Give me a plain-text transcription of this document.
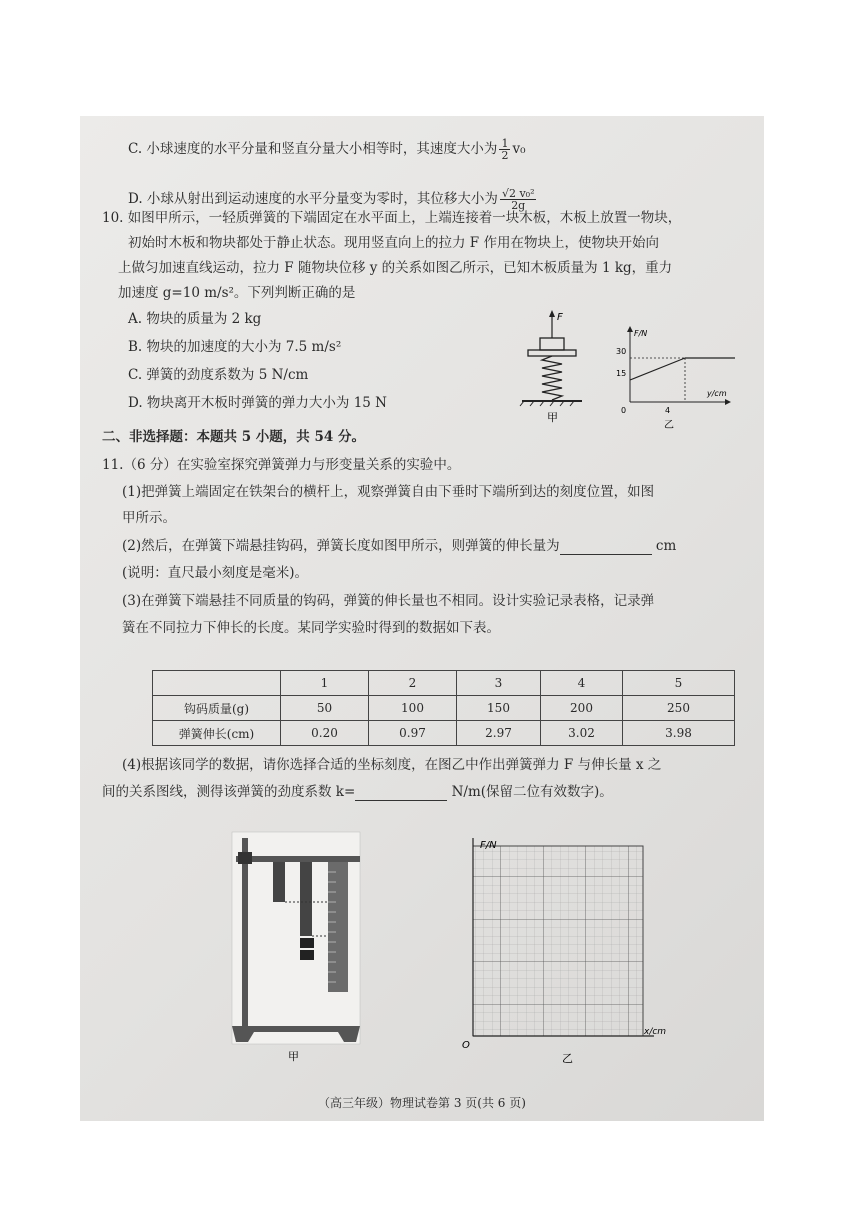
C. 小球速度的水平分量和竖直分量大小相等时，其速度大小为 $\frac{1}{2} v_0$
D. 小球从射出到运动速度的水平分量变为零时，其位移大小为 $\frac{\text{√2 v₀²}}{2g}$
10. 如图甲所示，一轻质弹簧的下端固定在水平面上，上端连接着一块木板，木板上放置一物块，
初始时木板和物块都处于静止状态。现用竖直向上的拉力 F 作用在物块上，使物块开始向
上做匀加速直线运动，拉力 F 随物块位移 y 的关系如图乙所示，已知木板质量为 1 kg，重力
加速度 g=10 m/s²。下列判断正确的是
A. 物块的质量为 2 kg
B. 物块的加速度的大小为 7.5 m/s²
C. 弹簧的劲度系数为 5 N/cm
D. 物块离开木板时弹簧的弹力大小为 15 N
F
甲
F/N
y/cm
30
15
4
0
乙
二、非选择题：本题共 5 小题，共 54 分。
11.（6 分）在实验室探究弹簧弹力与形变量关系的实验中。
(1)把弹簧上端固定在铁架台的横杆上，观察弹簧自由下垂时下端所到达的刻度位置，如图
甲所示。
(2)然后，在弹簧下端悬挂钩码，弹簧长度如图甲所示，则弹簧的伸长量为	cm
(说明：直尺最小刻度是毫米)。
(3)在弹簧下端悬挂不同质量的钩码，弹簧的伸长量也不相同。设计实验记录表格，记录弹
簧在不同拉力下伸长的长度。某同学实验时得到的数据如下表。
(4)根据该同学的数据，请你选择合适的坐标刻度，在图乙中作出弹簧弹力 F 与伸长量 x 之
间的关系图线，测得该弹簧的劲度系数 k=	N/m(保留二位有效数字)。
甲
F/N
x/cm
O
乙
（高三年级）物理试卷第 3 页(共 6 页)
	1	2	3	4	5
钩码质量(g)	50	100	150	200	250
弹簧伸长(cm)	0.20	0.97	2.97	3.02	3.98
